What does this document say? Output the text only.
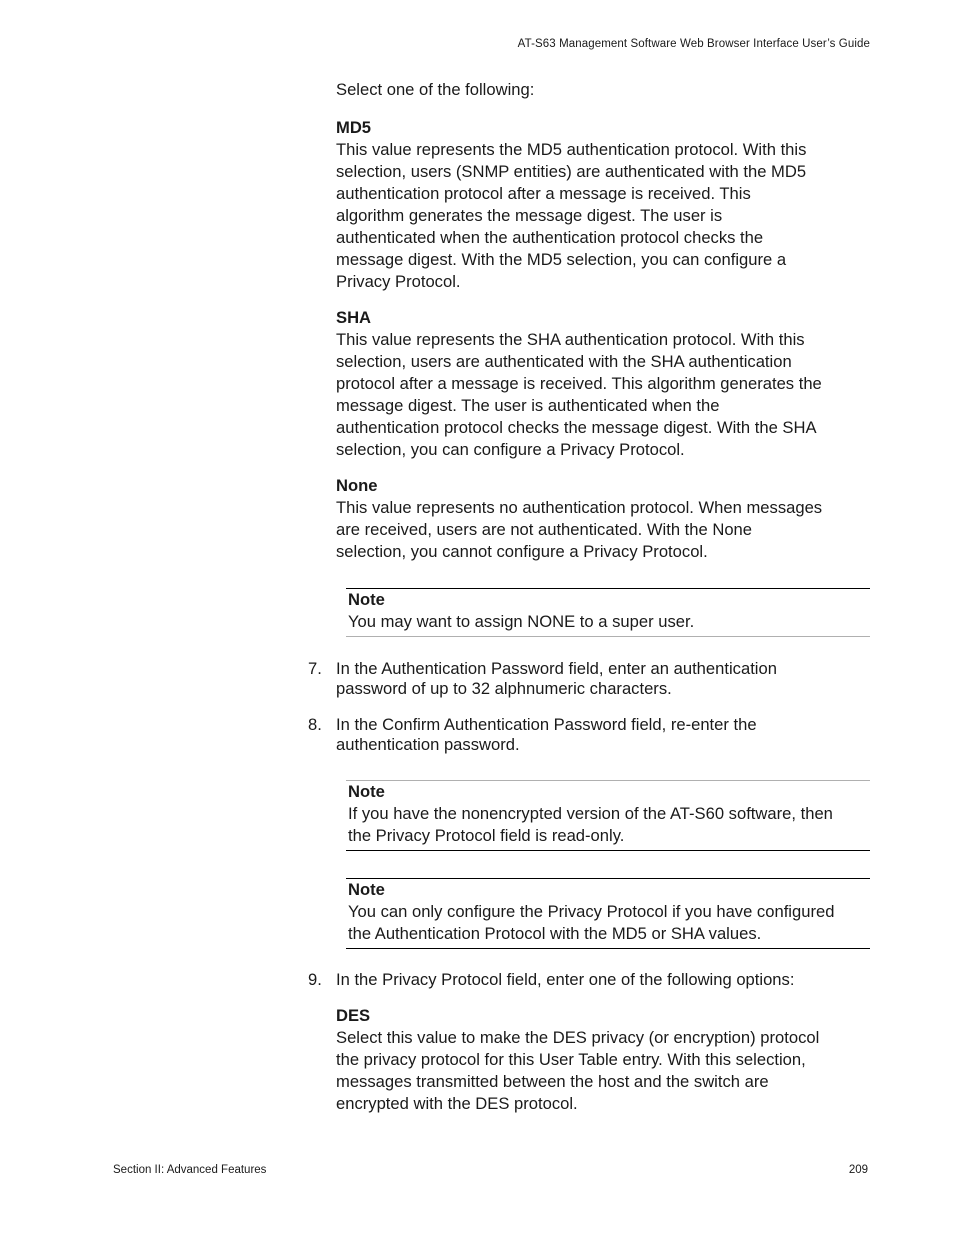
AT-S63 Management Software Web Browser Interface User’s Guide

Select one of the following:

MD5

This value represents the MD5 authentication protocol. With this

selection, users (SNMP entities) are authenticated with the MD5

authentication protocol after a message is received. This

algorithm generates the message digest. The user is

authenticated when the authentication protocol checks the

message digest. With the MD5 selection, you can configure a

Privacy Protocol.

SHA

This value represents the SHA authentication protocol. With this

selection, users are authenticated with the SHA authentication

protocol after a message is received. This algorithm generates the

message digest. The user is authenticated when the

authentication protocol checks the message digest. With the SHA

selection, you can configure a Privacy Protocol.

None

This value represents no authentication protocol. When messages

are received, users are not authenticated. With the None

selection, you cannot configure a Privacy Protocol.

Note

You may want to assign NONE to a super user.

7. In the Authentication Password field, enter an authentication
password of up to 32 alphnumeric characters.
8. In the Confirm Authentication Password field, re-enter the
authentication password.

Note

If you have the nonencrypted version of the AT-S60 software, then

the Privacy Protocol field is read-only.

Note

You can only configure the Privacy Protocol if you have configured

the Authentication Protocol with the MD5 or SHA values.

9. In the Privacy Protocol field, enter one of the following options:

DES

Select this value to make the DES privacy (or encryption) protocol

the privacy protocol for this User Table entry. With this selection,

messages transmitted between the host and the switch are

encrypted with the DES protocol.

Section II: Advanced Features	209
